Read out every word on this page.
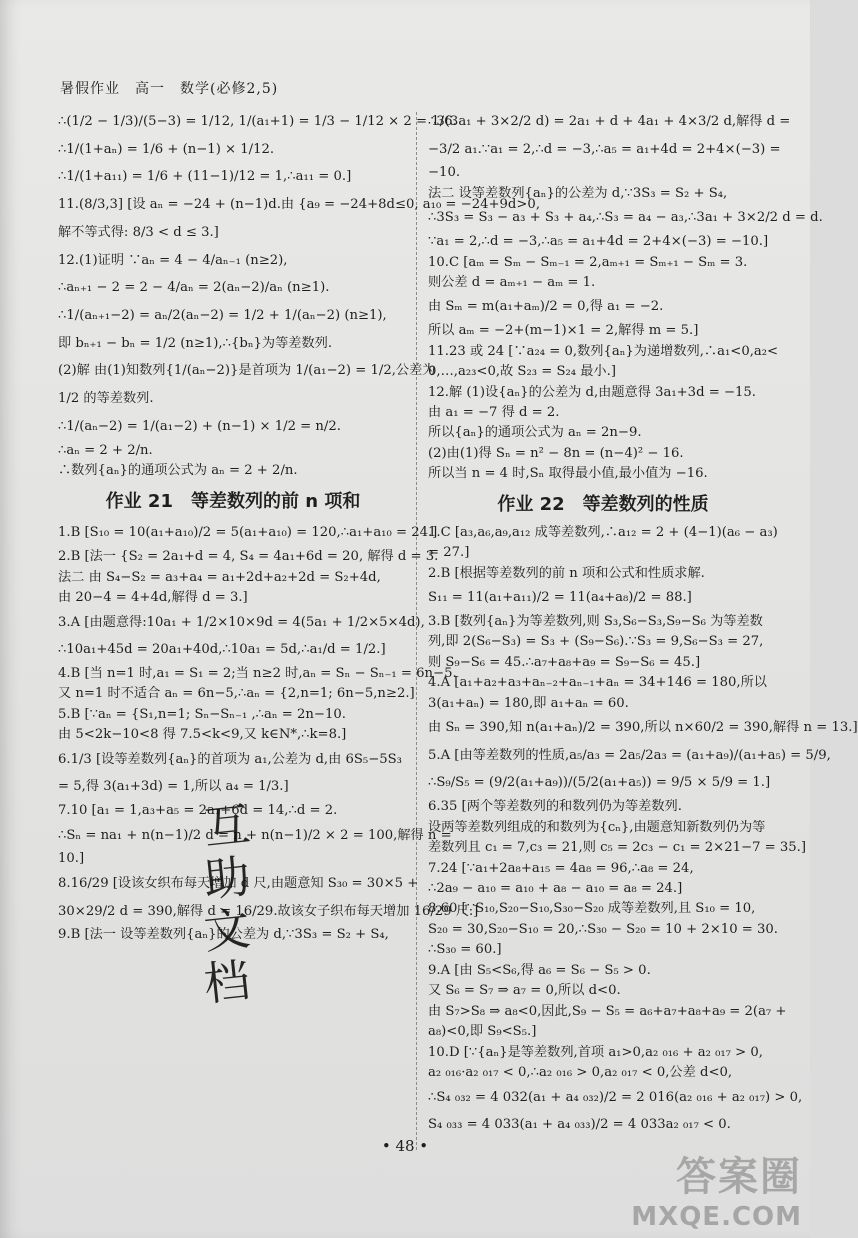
暑假作业　高一　数学(必修2,5)
∴(1/2 − 1/3)/(5−3) = 1/12, 1/(a₁+1) = 1/3 − 1/12 × 2 = 1/6.
∴1/(1+aₙ) = 1/6 + (n−1) × 1/12.
∴1/(1+a₁₁) = 1/6 + (11−1)/12 = 1,∴a₁₁ = 0.]
11.(8/3,3] [设 aₙ = −24 + (n−1)d.由 {a₉ = −24+8d≤0, a₁₀ = −24+9d>0,
解不等式得: 8/3 < d ≤ 3.]
12.(1)证明 ∵aₙ = 4 − 4/aₙ₋₁ (n≥2),
∴aₙ₊₁ − 2 = 2 − 4/aₙ = 2(aₙ−2)/aₙ (n≥1).
∴1/(aₙ₊₁−2) = aₙ/2(aₙ−2) = 1/2 + 1/(aₙ−2) (n≥1),
即 bₙ₊₁ − bₙ = 1/2 (n≥1),∴{bₙ}为等差数列.
(2)解 由(1)知数列{1/(aₙ−2)}是首项为 1/(a₁−2) = 1/2,公差为
1/2 的等差数列.
∴1/(aₙ−2) = 1/(a₁−2) + (n−1) × 1/2 = n/2.
∴aₙ = 2 + 2/n.
∴数列{aₙ}的通项公式为 aₙ = 2 + 2/n.
作业 21　等差数列的前 n 项和
1.B [S₁₀ = 10(a₁+a₁₀)/2 = 5(a₁+a₁₀) = 120,∴a₁+a₁₀ = 24.]
2.B [法一 {S₂ = 2a₁+d = 4, S₄ = 4a₁+6d = 20, 解得 d = 3.
法二 由 S₄−S₂ = a₃+a₄ = a₁+2d+a₂+2d = S₂+4d,
由 20−4 = 4+4d,解得 d = 3.]
3.A [由题意得:10a₁ + 1/2×10×9d = 4(5a₁ + 1/2×5×4d),
∴10a₁+45d = 20a₁+40d,∴10a₁ = 5d,∴a₁/d = 1/2.]
4.B [当 n=1 时,a₁ = S₁ = 2;当 n≥2 时,aₙ = Sₙ − Sₙ₋₁ = 6n−5.
又 n=1 时不适合 aₙ = 6n−5,∴aₙ = {2,n=1; 6n−5,n≥2.]
5.B [∵aₙ = {S₁,n=1; Sₙ−Sₙ₋₁ ,∴aₙ = 2n−10.
由 5<2k−10<8 得 7.5<k<9,又 k∈N*,∴k=8.]
6.1/3 [设等差数列{aₙ}的首项为 a₁,公差为 d,由 6S₅−5S₃
= 5,得 3(a₁+3d) = 1,所以 a₄ = 1/3.]
7.10 [a₁ = 1,a₃+a₅ = 2a₁+6d = 14,∴d = 2.
∴Sₙ = na₁ + n(n−1)/2 d = n + n(n−1)/2 × 2 = 100,解得 n =
10.]
8.16/29 [设该女织布每天增加 d 尺,由题意知 S₃₀ = 30×5 +
30×29/2 d = 390,解得 d = 16/29.故该女子织布每天增加 16/29 尺.]
9.B [法一 设等差数列{aₙ}的公差为 d,∵3S₃ = S₂ + S₄,
∴3(3a₁ + 3×2/2 d) = 2a₁ + d + 4a₁ + 4×3/2 d,解得 d =
−3/2 a₁.∵a₁ = 2,∴d = −3,∴a₅ = a₁+4d = 2+4×(−3) =
−10.
法二 设等差数列{aₙ}的公差为 d,∵3S₃ = S₂ + S₄,
∴3S₃ = S₃ − a₃ + S₃ + a₄,∴S₃ = a₄ − a₃,∴3a₁ + 3×2/2 d = d.
∵a₁ = 2,∴d = −3,∴a₅ = a₁+4d = 2+4×(−3) = −10.]
10.C [aₘ = Sₘ − Sₘ₋₁ = 2,aₘ₊₁ = Sₘ₊₁ − Sₘ = 3.
则公差 d = aₘ₊₁ − aₘ = 1.
由 Sₘ = m(a₁+aₘ)/2 = 0,得 a₁ = −2.
所以 aₘ = −2+(m−1)×1 = 2,解得 m = 5.]
11.23 或 24 [∵a₂₄ = 0,数列{aₙ}为递增数列,∴a₁<0,a₂<
0,…,a₂₃<0,故 S₂₃ = S₂₄ 最小.]
12.解 (1)设{aₙ}的公差为 d,由题意得 3a₁+3d = −15.
由 a₁ = −7 得 d = 2.
所以{aₙ}的通项公式为 aₙ = 2n−9.
(2)由(1)得 Sₙ = n² − 8n = (n−4)² − 16.
所以当 n = 4 时,Sₙ 取得最小值,最小值为 −16.
作业 22　等差数列的性质
1.C [a₃,a₆,a₉,a₁₂ 成等差数列,∴a₁₂ = 2 + (4−1)(a₆ − a₃)
= 27.]
2.B [根据等差数列的前 n 项和公式和性质求解.
S₁₁ = 11(a₁+a₁₁)/2 = 11(a₄+a₈)/2 = 88.]
3.B [数列{aₙ}为等差数列,则 S₃,S₆−S₃,S₉−S₆ 为等差数
列,即 2(S₆−S₃) = S₃ + (S₉−S₆).∵S₃ = 9,S₆−S₃ = 27,
则 S₉−S₆ = 45.∴a₇+a₈+a₉ = S₉−S₆ = 45.]
4.A [a₁+a₂+a₃+aₙ₋₂+aₙ₋₁+aₙ = 34+146 = 180,所以
3(a₁+aₙ) = 180,即 a₁+aₙ = 60.
由 Sₙ = 390,知 n(a₁+aₙ)/2 = 390,所以 n×60/2 = 390,解得 n = 13.]
5.A [由等差数列的性质,a₅/a₃ = 2a₅/2a₃ = (a₁+a₉)/(a₁+a₅) = 5/9,
∴S₉/S₅ = (9/2(a₁+a₉))/(5/2(a₁+a₅)) = 9/5 × 5/9 = 1.]
6.35 [两个等差数列的和数列仍为等差数列.
设两等差数列组成的和数列为{cₙ},由题意知新数列仍为等
差数列且 c₁ = 7,c₃ = 21,则 c₅ = 2c₃ − c₁ = 2×21−7 = 35.]
7.24 [∵a₁+2a₈+a₁₅ = 4a₈ = 96,∴a₈ = 24,
∴2a₉ − a₁₀ = a₁₀ + a₈ − a₁₀ = a₈ = 24.]
8.60 [∵S₁₀,S₂₀−S₁₀,S₃₀−S₂₀ 成等差数列,且 S₁₀ = 10,
S₂₀ = 30,S₂₀−S₁₀ = 20,∴S₃₀ − S₂₀ = 10 + 2×10 = 30.
∴S₃₀ = 60.]
9.A [由 S₅<S₆,得 a₆ = S₆ − S₅ > 0.
又 S₆ = S₇ ⇒ a₇ = 0,所以 d<0.
由 S₇>S₈ ⇒ a₈<0,因此,S₉ − S₅ = a₆+a₇+a₈+a₉ = 2(a₇ +
a₈)<0,即 S₉<S₅.]
10.D [∵{aₙ}是等差数列,首项 a₁>0,a₂ ₀₁₆ + a₂ ₀₁₇ > 0,
a₂ ₀₁₆·a₂ ₀₁₇ < 0,∴a₂ ₀₁₆ > 0,a₂ ₀₁₇ < 0,公差 d<0,
∴S₄ ₀₃₂ = 4 032(a₁ + a₄ ₀₃₂)/2 = 2 016(a₂ ₀₁₆ + a₂ ₀₁₇) > 0,
S₄ ₀₃₃ = 4 033(a₁ + a₄ ₀₃₃)/2 = 4 033a₂ ₀₁₇ < 0.
互
助
文
档
• 48 •
答案圈
MXQE.COM
